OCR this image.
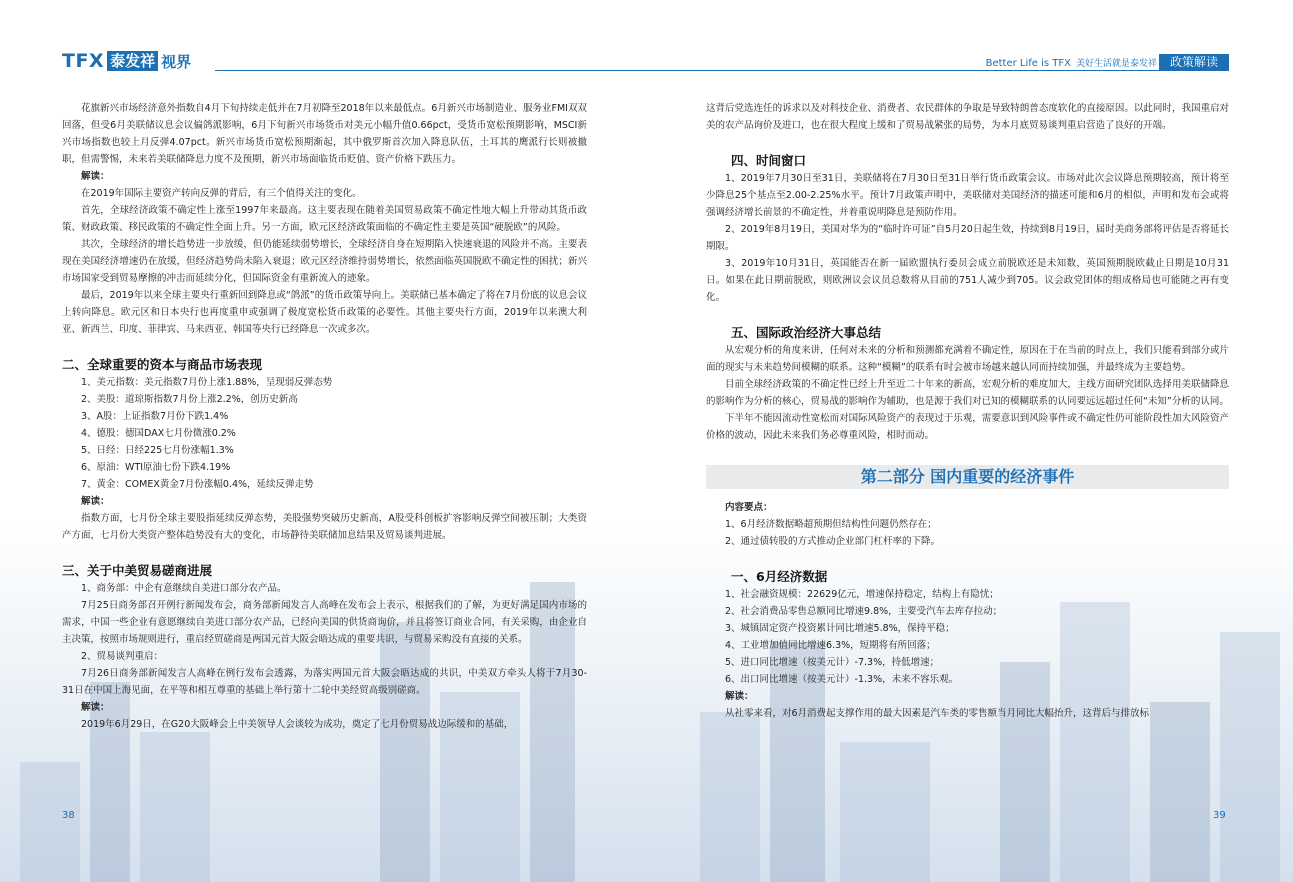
TFX 泰发祥 视界	Better Life is TFX 美好生活就是泰发祥	政策解读

花旗新兴市场经济意外指数自4月下旬持续走低并在7月初降至2018年以来最低点。6月新兴市场制造业、服务业FMI双双回落，但受6月美联储议息会议偏鸽派影响，6月下旬新兴市场货币对美元小幅升值0.66pct，受货币宽松预期影响，MSCI新兴市场指数也较上月反弹4.07pct。新兴市场货币宽松预期渐起，其中俄罗斯首次加入降息队伍，土耳其的鹰派行长则被撤职，但需警惕，未来若美联储降息力度不及预期，新兴市场面临货币贬值、资产价格下跌压力。

解读：

在2019年国际主要资产转向反弹的背后，有三个值得关注的变化。

首先，全球经济政策不确定性上涨至1997年来最高。这主要表现在随着美国贸易政策不确定性地大幅上升带动其货币政策、财政政策、移民政策的不确定性全面上升。另一方面，欧元区经济政策面临的不确定性主要是英国“硬脱欧”的风险。

其次，全球经济的增长趋势进一步放缓，但仍能延续弱势增长，全球经济自身在短期陷入快速衰退的风险并不高。主要表现在美国经济增速仍在放缓，但经济趋势尚未陷入衰退；欧元区经济维持弱势增长，依然面临英国脱欧不确定性的困扰；新兴市场国家受到贸易摩擦的冲击而延续分化，但国际资金有重新流入的迹象。

最后，2019年以来全球主要央行重新回到降息或“鸽派”的货币政策导向上。美联储已基本确定了将在7月份底的议息会议上转向降息。欧元区和日本央行也再度重申或强调了极度宽松货币政策的必要性。其他主要央行方面，2019年以来澳大利亚、新西兰、印度、菲律宾、马来西亚、韩国等央行已经降息一次或多次。

二、全球重要的资本与商品市场表现

1、美元指数：美元指数7月份上涨1.88%，呈现弱反弹态势

2、美股：道琼斯指数7月份上涨2.2%，创历史新高

3、A股：上证指数7月份下跌1.4%

4、德股：德国DAX七月份微涨0.2%

5、日经：日经225七月份涨幅1.3%

6、原油：WTI原油七份下跌4.19%

7、黄金：COMEX黄金7月份涨幅0.4%，延续反弹走势

解读：

指数方面，七月份全球主要股指延续反弹态势，美股强势突破历史新高，A股受科创板扩容影响反弹空间被压制；大类资产方面，七月份大类资产整体趋势没有大的变化，市场静待美联储加息结果及贸易谈判进展。

三、关于中美贸易磋商进展

1、商务部：中企有意继续自美进口部分农产品。

7月25日商务部召开例行新闻发布会，商务部新闻发言人高峰在发布会上表示，根据我们的了解，为更好满足国内市场的需求，中国一些企业有意愿继续自美进口部分农产品，已经向美国的供货商询价，并且将签订商业合同，有关采购，由企业自主决策，按照市场规则进行，重启经贸磋商是两国元首大阪会晤达成的重要共识，与贸易采购没有直接的关系。

2、贸易谈判重启：

7月26日商务部新闻发言人高峰在例行发布会透露，为落实两国元首大阪会晤达成的共识，中美双方牵头人将于7月30-31日在中国上海见面，在平等和相互尊重的基础上举行第十二轮中美经贸高级别磋商。

解读：

2019年6月29日，在G20大阪峰会上中美领导人会谈较为成功，奠定了七月份贸易战边际缓和的基础，

这背后党选连任的诉求以及对科技企业、消费者、农民群体的争取是导致特朗普态度软化的直接原因。以此同时，我国重启对美的农产品询价及进口，也在很大程度上缓和了贸易战紧张的局势，为本月底贸易谈判重启营造了良好的开端。

四、时间窗口

1、2019年7月30日至31日，美联储将在7月30日至31日举行货币政策会议。市场对此次会议降息预期较高，预计将至少降息25个基点至2.00-2.25%水平。预计7月政策声明中，美联储对美国经济的描述可能和6月的相似，声明和发布会或将强调经济增长前景的不确定性，并着重说明降息是预防作用。

2、2019年8月19日，美国对华为的“临时许可证”自5月20日起生效，持续到8月19日，届时美商务部将评估是否将延长期限。

3、2019年10月31日，英国能否在新一届欧盟执行委员会成立前脱欧还是未知数，英国预期脱欧截止日期是10月31日。如果在此日期前脱欧，则欧洲议会议员总数将从目前的751人减少到705。议会政党团体的组成格局也可能随之再有变化。

五、国际政治经济大事总结

从宏观分析的角度来讲，任何对未来的分析和预测都充满着不确定性，原因在于在当前的时点上，我们只能看到部分或片面的现实与未来趋势间模糊的联系。这种“模糊”的联系有时会被市场越来越认同而持续加强，并最终成为主要趋势。

目前全球经济政策的不确定性已经上升至近二十年来的新高，宏观分析的难度加大，主线方面研究团队选择用美联储降息的影响作为分析的核心，贸易战的影响作为辅助，也是源于我们对已知的模糊联系的认同要远远超过任何“未知”分析的认同。

下半年不能因流动性宽松而对国际风险资产的表现过于乐观，需要意识到风险事件或不确定性仍可能阶段性加大风险资产价格的波动，因此未来我们务必尊重风险，相时而动。

第二部分 国内重要的经济事件

内容要点：

1、6月经济数据略超预期但结构性问题仍然存在；

2、通过债转股的方式推动企业部门杠杆率的下降。

一、6月经济数据

1、社会融资规模：22629亿元，增速保持稳定，结构上有隐忧；

2、社会消费品零售总额同比增速9.8%，主要受汽车去库存拉动；

3、城镇固定资产投资累计同比增速5.8%，保持平稳；

4、工业增加值同比增速6.3%，短期将有所回落；

5、进口同比增速（按美元计）-7.3%，持低增速；

6、出口同比增速（按美元计）-1.3%，未来不容乐观。

解读：

从社零来看，对6月消费起支撑作用的最大因素是汽车类的零售额当月同比大幅抬升，这背后与排放标

38	39
